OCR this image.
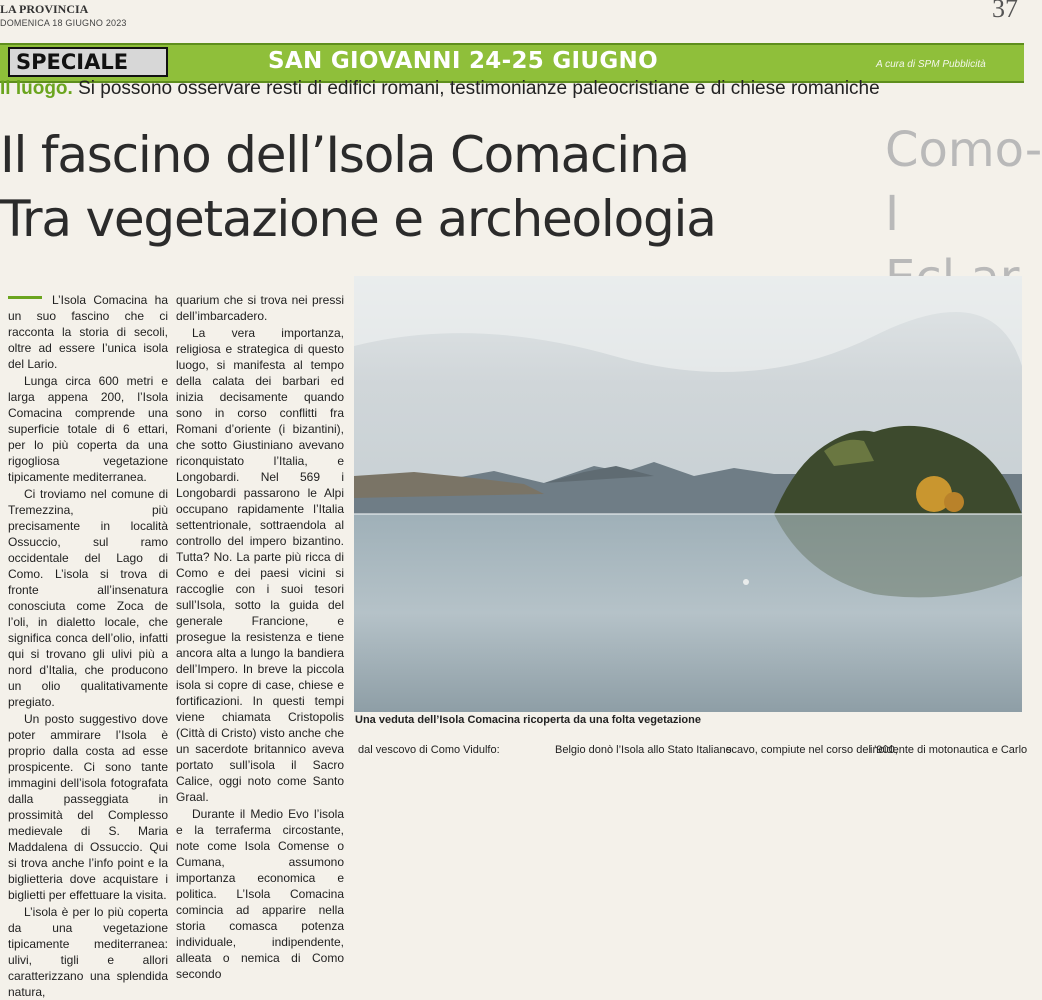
LA PROVINCIA
DOMENICA 18 GIUGNO 2023	37
SPECIALE	SAN GIOVANNI 24-25 GIUGNO	A cura di SPM Pubblicità
Il luogo. Si possono osservare resti di edifici romani, testimonianze paleocristiane e di chiese romaniche
Il fascino dell’Isola Comacina
Tra vegetazione e archeologia
Como-I

L’Isola Comacina ha un suo fascino che ci racconta la storia di secoli, oltre ad essere l’unica isola del Lario.

Lunga circa 600 metri e larga appena 200, l’Isola Comacina comprende una superficie totale di 6 ettari, per lo più coperta da una rigogliosa vegetazione tipicamente mediterranea.

Ci troviamo nel comune di Tremezzina, più precisamente in località Ossuccio, sul ramo occidentale del Lago di Como. L’isola si trova di fronte all’insenatura conosciuta come Zoca de l’oli, in dialetto locale, che significa conca dell’olio, infatti qui si trovano gli ulivi più a nord d’Italia, che producono un olio qualitativamente pregiato.

Un posto suggestivo dove poter ammirare l’Isola è proprio dalla costa ad esse prospicente. Ci sono tante immagini dell’isola fotografata dalla passeggiata in prossimità del Complesso medievale di S. Maria Maddalena di Ossuccio. Qui si trova anche l’info point e la biglietteria dove acquistare i biglietti per effettuare la visita.

L’isola è per lo più coperta da una vegetazione tipicamente mediterranea: ulivi, tigli e allori caratterizzano una splendida natura,

quarium che si trova nei pressi dell’imbarcadero.

La vera importanza, religiosa e strategica di questo luogo, si manifesta al tempo della calata dei barbari ed inizia decisamente quando sono in corso conflitti fra Romani d’oriente (i bizantini), che sotto Giustiniano avevano riconquistato l’Italia, e Longobardi. Nel 569 i Longobardi passarono le Alpi occupano rapidamente l’Italia settentrionale, sottraendola al controllo del impero bizantino. Tutta? No. La parte più ricca di Como e dei paesi vicini si raccoglie con i suoi tesori sull’Isola, sotto la guida del generale Francione, e prosegue la resistenza e tiene ancora alta a lungo la bandiera dell’Impero. In breve la piccola isola si copre di case, chiese e fortificazioni. In questi tempi viene chiamata Cristopolis (Città di Cristo) visto anche che un sacerdote britannico aveva portato sull’isola il Sacro Calice, oggi noto come Santo Graal.

Durante il Medio Evo l’isola e la terraferma circostante, note come Isola Comense o Cumana, assumono importanza economica e politica. L’Isola Comacina comincia ad apparire nella storia comasca potenza individuale, indipendente, alleata o nemica di Como secondo

Una veduta dell’Isola Comacina ricoperta da una folta vegetazione
dal vescovo di Como Vidulfo:	Belgio donò l’Isola allo Stato Italiano
scavo, compiute nel corso del ’900,
incidente di motonautica e Carlo
